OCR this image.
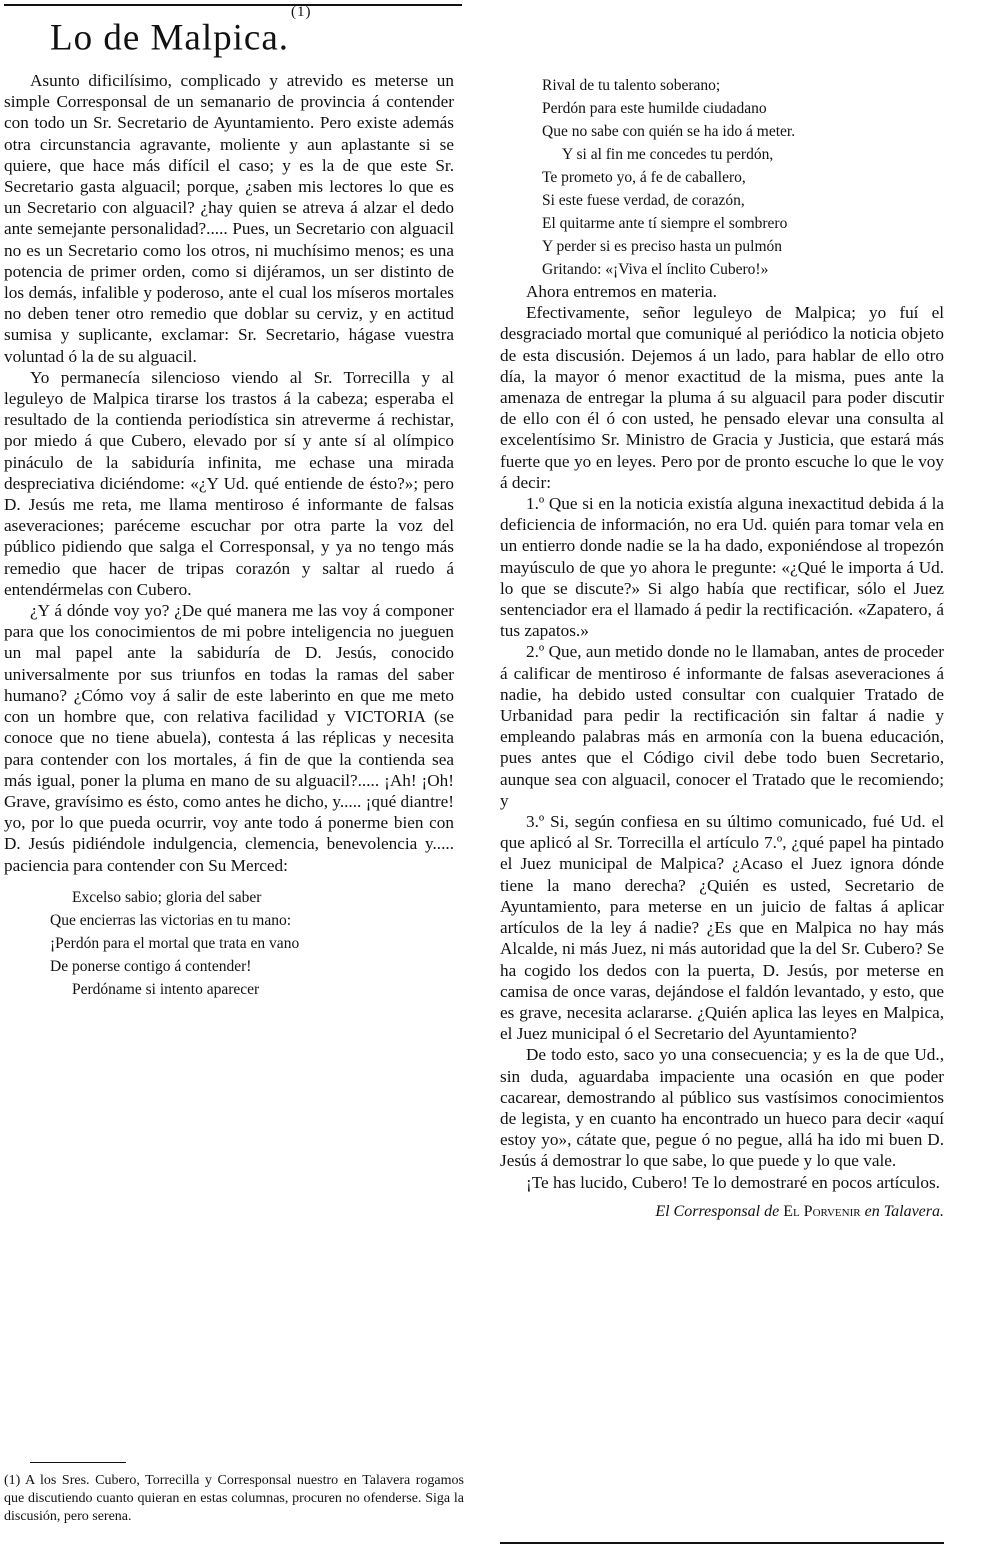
Lo de Malpica.$^{(1)}$

Asunto dificilísimo, complicado y atrevido es meterse un simple Corresponsal de un semanario de provincia á contender con todo un Sr. Secretario de Ayuntamiento. Pero existe además otra circunstancia agravante, moliente y aun aplastante si se quiere, que hace más difícil el caso; y es la de que este Sr. Secretario gasta alguacil; porque, ¿saben mis lectores lo que es un Secretario con alguacil? ¿hay quien se atreva á alzar el dedo ante semejante personalidad?..... Pues, un Secretario con alguacil no es un Secretario como los otros, ni muchísimo menos; es una potencia de primer orden, como si dijéramos, un ser distinto de los demás, infalible y poderoso, ante el cual los míseros mortales no deben tener otro remedio que doblar su cerviz, y en actitud sumisa y suplicante, exclamar: Sr. Secretario, hágase vuestra voluntad ó la de su alguacil.

Yo permanecía silencioso viendo al Sr. Torrecilla y al leguleyo de Malpica tirarse los trastos á la cabeza; esperaba el resultado de la contienda periodística sin atreverme á rechistar, por miedo á que Cubero, elevado por sí y ante sí al olímpico pináculo de la sabiduría infinita, me echase una mirada despreciativa diciéndome: «¿Y Ud. qué entiende de ésto?»; pero D. Jesús me reta, me llama mentiroso é informante de falsas aseveraciones; paréceme escuchar por otra parte la voz del público pidiendo que salga el Corresponsal, y ya no tengo más remedio que hacer de tripas corazón y saltar al ruedo á entendérmelas con Cubero.

¿Y á dónde voy yo? ¿De qué manera me las voy á componer para que los conocimientos de mi pobre inteligencia no jueguen un mal papel ante la sabiduría de D. Jesús, conocido universalmente por sus triunfos en todas la ramas del saber humano? ¿Cómo voy á salir de este laberinto en que me meto con un hombre que, con relativa facilidad y VICTORIA (se conoce que no tiene abuela), contesta á las réplicas y necesita para contender con los mortales, á fin de que la contienda sea más igual, poner la pluma en mano de su alguacil?..... ¡Ah! ¡Oh! Grave, gravísimo es ésto, como antes he dicho, y..... ¡qué diantre! yo, por lo que pueda ocurrir, voy ante todo á ponerme bien con D. Jesús pidiéndole indulgencia, clemencia, benevolencia y..... paciencia para contender con Su Merced:

Excelso sabio; gloria del saber
Que encierras las victorias en tu mano:
¡Perdón para el mortal que trata en vano
De ponerse contigo á contender!
Perdóname si intento aparecer
Rival de tu talento soberano;
Perdón para este humilde ciudadano
Que no sabe con quién se ha ido á meter.
Y si al fin me concedes tu perdón,
Te prometo yo, á fe de caballero,
Si este fuese verdad, de corazón,
El quitarme ante tí siempre el sombrero
Y perder si es preciso hasta un pulmón
Gritando: «¡Viva el ínclito Cubero!»

Ahora entremos en materia.

Efectivamente, señor leguleyo de Malpica; yo fuí el desgraciado mortal que comuniqué al periódico la noticia objeto de esta discusión. Dejemos á un lado, para hablar de ello otro día, la mayor ó menor exactitud de la misma, pues ante la amenaza de entregar la pluma á su alguacil para poder discutir de ello con él ó con usted, he pensado elevar una consulta al excelentísimo Sr. Ministro de Gracia y Justicia, que estará más fuerte que yo en leyes. Pero por de pronto escuche lo que le voy á decir:

1.º Que si en la noticia existía alguna inexactitud debida á la deficiencia de información, no era Ud. quién para tomar vela en un entierro donde nadie se la ha dado, exponiéndose al tropezón mayúsculo de que yo ahora le pregunte: «¿Qué le importa á Ud. lo que se discute?» Si algo había que rectificar, sólo el Juez sentenciador era el llamado á pedir la rectificación. «Zapatero, á tus zapatos.»

2.º Que, aun metido donde no le llamaban, antes de proceder á calificar de mentiroso é informante de falsas aseveraciones á nadie, ha debido usted consultar con cualquier Tratado de Urbanidad para pedir la rectificación sin faltar á nadie y empleando palabras más en armonía con la buena educación, pues antes que el Código civil debe todo buen Secretario, aunque sea con alguacil, conocer el Tratado que le recomiendo; y

3.º Si, según confiesa en su último comunicado, fué Ud. el que aplicó al Sr. Torrecilla el artículo 7.º, ¿qué papel ha pintado el Juez municipal de Malpica? ¿Acaso el Juez ignora dónde tiene la mano derecha? ¿Quién es usted, Secretario de Ayuntamiento, para meterse en un juicio de faltas á aplicar artículos de la ley á nadie? ¿Es que en Malpica no hay más Alcalde, ni más Juez, ni más autoridad que la del Sr. Cubero? Se ha cogido los dedos con la puerta, D. Jesús, por meterse en camisa de once varas, dejándose el faldón levantado, y esto, que es grave, necesita aclararse. ¿Quién aplica las leyes en Malpica, el Juez municipal ó el Secretario del Ayuntamiento?

De todo esto, saco yo una consecuencia; y es la de que Ud., sin duda, aguardaba impaciente una ocasión en que poder cacarear, demostrando al público sus vastísimos conocimientos de legista, y en cuanto ha encontrado un hueco para decir «aquí estoy yo», cátate que, pegue ó no pegue, allá ha ido mi buen D. Jesús á demostrar lo que sabe, lo que puede y lo que vale.

¡Te has lucido, Cubero! Te lo demostraré en pocos artículos.

El Corresponsal de El Porvenir en Talavera.
(1) A los Sres. Cubero, Torrecilla y Corresponsal nuestro en Talavera rogamos que discutiendo cuanto quieran en estas columnas, procuren no ofenderse. Siga la discusión, pero serena.
